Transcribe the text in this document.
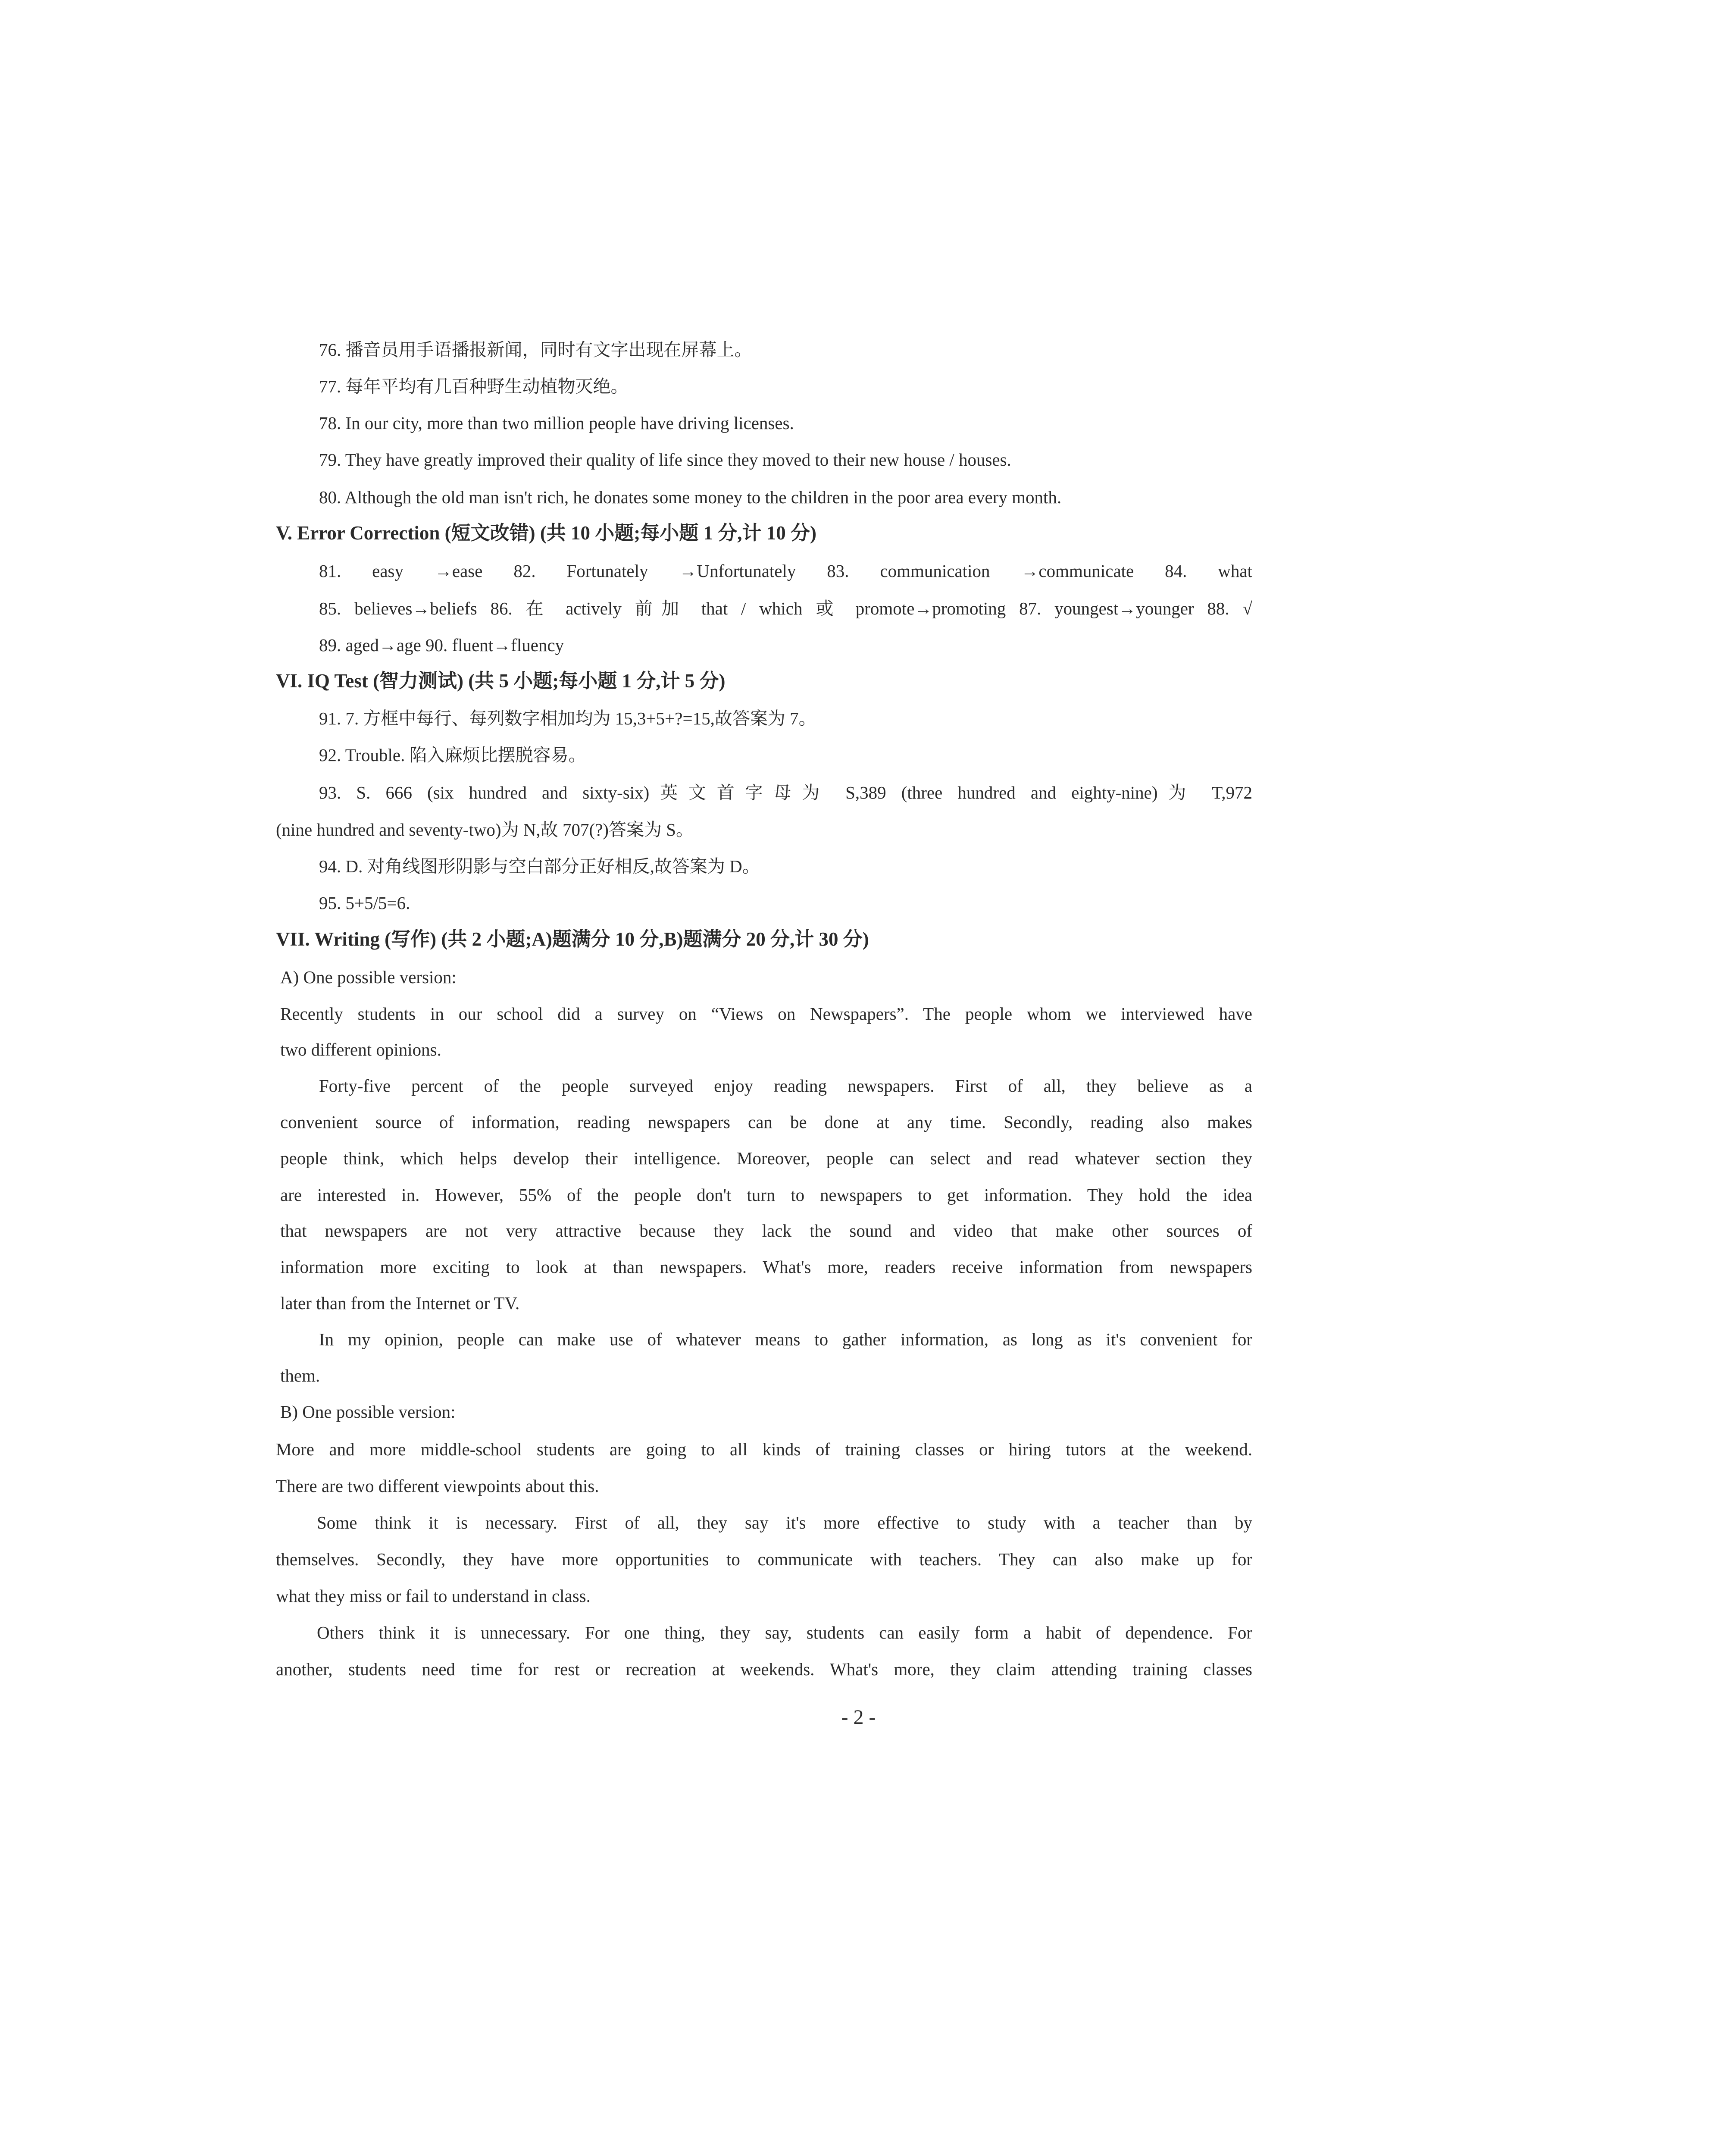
76. 播音员用手语播报新闻，同时有文字出现在屏幕上。
77. 每年平均有几百种野生动植物灭绝。
78. In our city, more than two million people have driving licenses.
79. They have greatly improved their quality of life since they moved to their new house / houses.
80. Although the old man isn't rich, he donates some money to the children in the poor area every month.
V. Error Correction (短文改错) (共 10 小题;每小题 1 分,计 10 分)
81. easy →ease 82. Fortunately →Unfortunately 83. communication →communicate 84. what
85. believes→beliefs 86. 在 actively 前加 that / which 或 promote→promoting 87. youngest→younger 88. √
89. aged→age 90. fluent→fluency
VI. IQ Test (智力测试) (共 5 小题;每小题 1 分,计 5 分)
91. 7. 方框中每行、每列数字相加均为 15,3+5+?=15,故答案为 7。
92. Trouble. 陷入麻烦比摆脱容易。
93. S. 666 (six hundred and sixty-six)英文首字母为 S,389 (three hundred and eighty-nine)为 T,972
(nine hundred and seventy-two)为 N,故 707(?)答案为 S。
94. D. 对角线图形阴影与空白部分正好相反,故答案为 D。
95. 5+5/5=6.
VII. Writing (写作) (共 2 小题;A)题满分 10 分,B)题满分 20 分,计 30 分)
A) One possible version:
Recently students in our school did a survey on “Views on Newspapers”. The people whom we interviewed have
two different opinions.
Forty-five percent of the people surveyed enjoy reading newspapers. First of all, they believe as a
convenient source of information, reading newspapers can be done at any time. Secondly, reading also makes
people think, which helps develop their intelligence. Moreover, people can select and read whatever section they
are interested in. However, 55% of the people don't turn to newspapers to get information. They hold the idea
that newspapers are not very attractive because they lack the sound and video that make other sources of
information more exciting to look at than newspapers. What's more, readers receive information from newspapers
later than from the Internet or TV.
In my opinion, people can make use of whatever means to gather information, as long as it's convenient for
them.
B) One possible version:
More and more middle-school students are going to all kinds of training classes or hiring tutors at the weekend.
There are two different viewpoints about this.
Some think it is necessary. First of all, they say it's more effective to study with a teacher than by
themselves. Secondly, they have more opportunities to communicate with teachers. They can also make up for
what they miss or fail to understand in class.
Others think it is unnecessary. For one thing, they say, students can easily form a habit of dependence. For
another, students need time for rest or recreation at weekends. What's more, they claim attending training classes
- 2 -
